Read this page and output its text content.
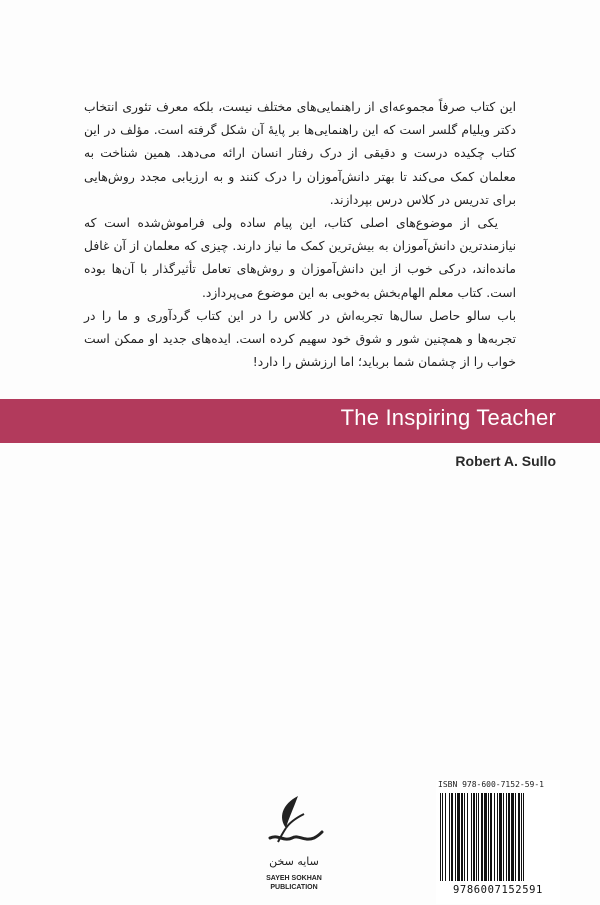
این کتاب صرفاً مجموعه‌ای از راهنمایی‌های مختلف نیست، بلکه معرف تئوری انتخاب دکتر ویلیام گلسر است که این راهنمایی‌ها بر پایهٔ آن شکل گرفته است. مؤلف در این کتاب چکیده درست و دقیقی از درک رفتار انسان ارائه می‌دهد. همین شناخت به معلمان کمک می‌کند تا بهتر دانش‌آموزان را درک کنند و به ارزیابی مجدد روش‌هایی برای تدریس در کلاس درس بپردازند.

یکی از موضوع‌های اصلی کتاب، این پیام ساده ولی فراموش‌شده است که نیازمندترین دانش‌آموزان به بیش‌ترین کمک ما نیاز دارند. چیزی که معلمان از آن غافل مانده‌اند، درکی خوب از این دانش‌آموزان و روش‌های تعامل تأثیرگذار با آن‌ها بوده است. کتاب معلم الهام‌بخش به‌خوبی به این موضوع می‌پردازد.

باب سالو حاصل سال‌ها تجربه‌اش در کلاس را در این کتاب گردآوری و ما را در تجربه‌ها و همچنین شور و شوق خود سهیم کرده است. ایده‌های جدید او ممکن است خواب را از چشمان شما برباید؛ اما ارزشش را دارد!

The Inspiring Teacher
Robert A. Sullo
سایه سخن
SAYEH SOKHAN
PUBLICATION
ISBN 978-600-7152-59-1
9786007152591
